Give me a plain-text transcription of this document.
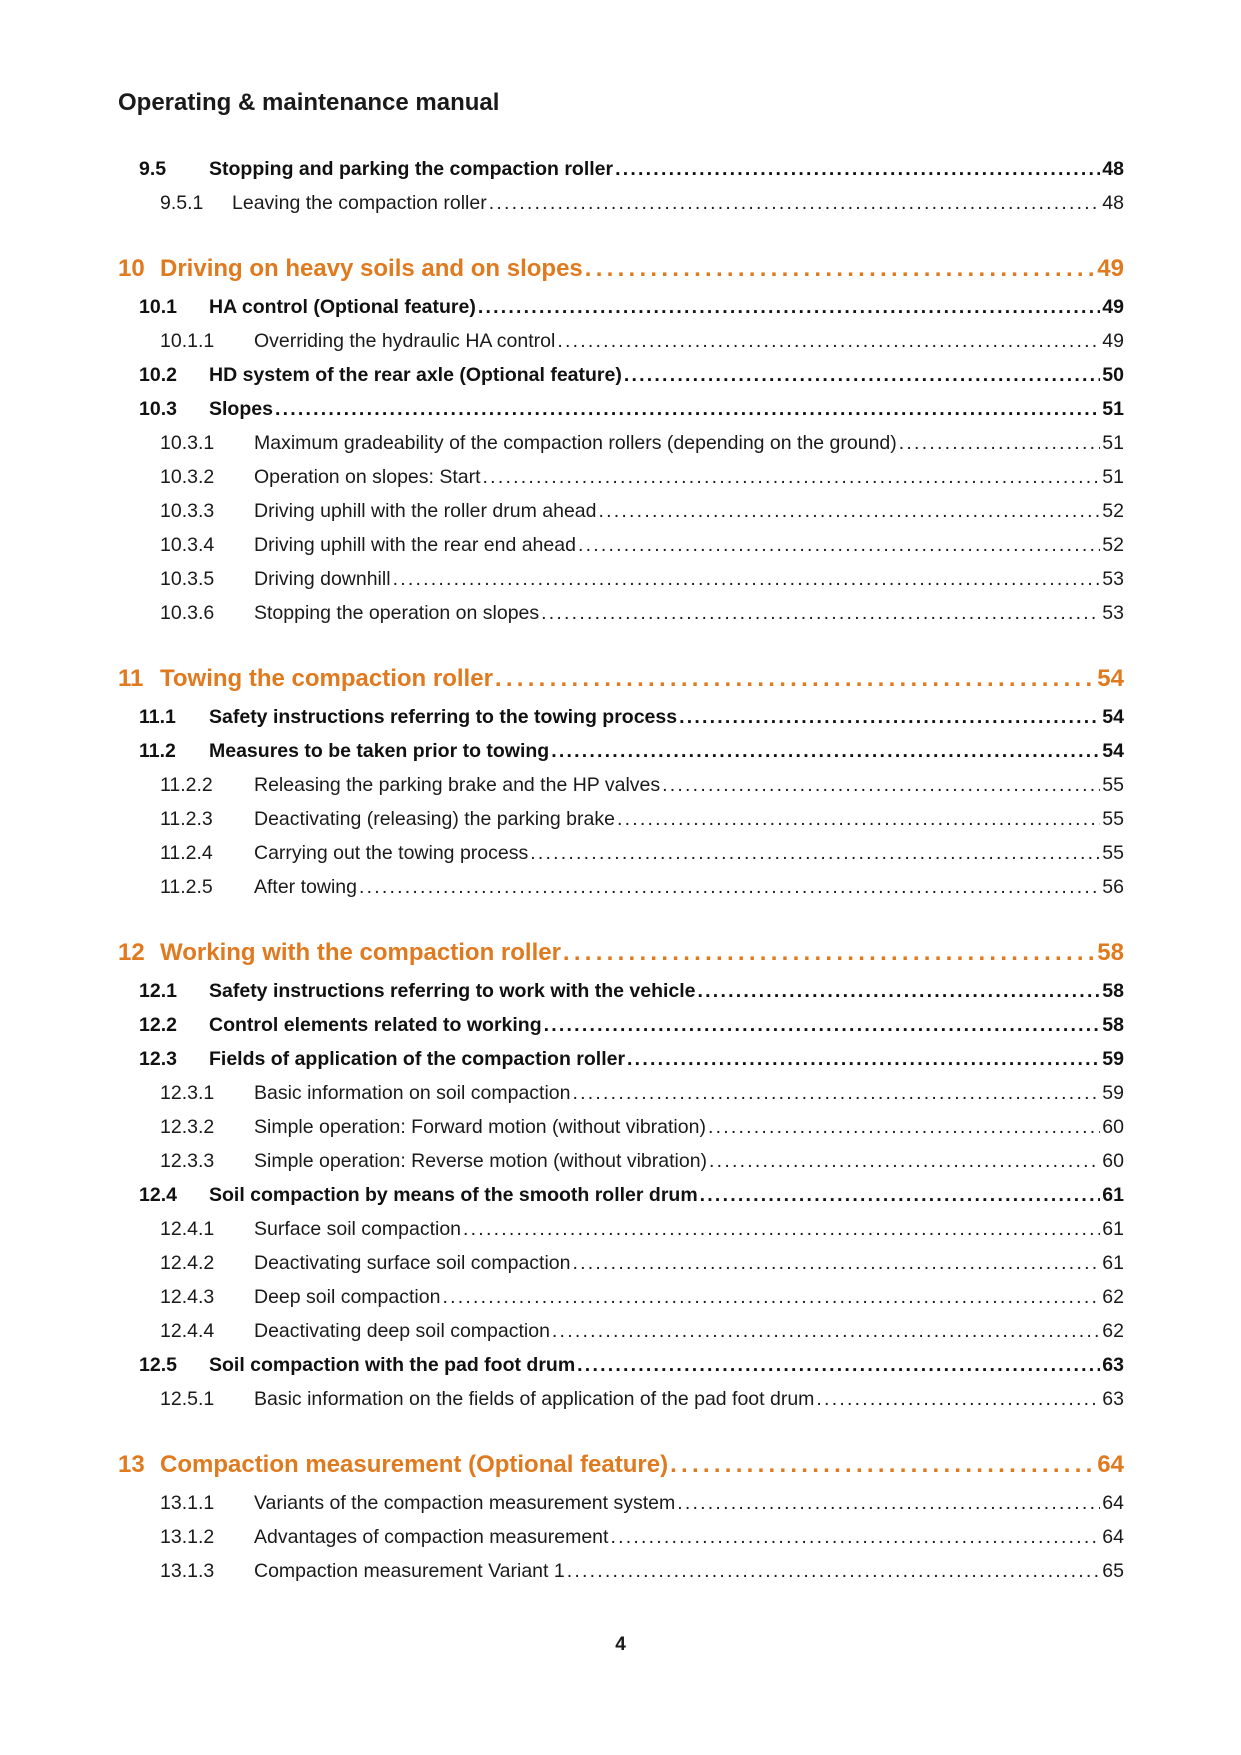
Operating & maintenance manual
9.5	Stopping and parking the compaction roller . . .	48
9.5.1	Leaving the compaction roller . . .	48
10 Driving on heavy soils and on slopes . . .	49
10.1	HA control (Optional feature) . . .	49
10.1.1	Overriding the hydraulic HA control . . .	49
10.2	HD system of the rear axle (Optional feature) . . .	50
10.3	Slopes . . .	51
10.3.1	Maximum gradeability of the compaction rollers (depending on the ground) . . .	51
10.3.2	Operation on slopes: Start . . .	51
10.3.3	Driving uphill with the roller drum ahead . . .	52
10.3.4	Driving uphill with the rear end ahead . . .	52
10.3.5	Driving downhill . . .	53
10.3.6	Stopping the operation on slopes . . .	53
11 Towing the compaction roller . . .	54
11.1	Safety instructions referring to the towing process . . .	54
11.2	Measures to be taken prior to towing . . .	54
11.2.2	Releasing the parking brake and the HP valves . . .	55
11.2.3	Deactivating (releasing) the parking brake . . .	55
11.2.4	Carrying out the towing process . . .	55
11.2.5	After towing . . .	56
12 Working with the compaction roller . . .	58
12.1	Safety instructions referring to work with the vehicle . . .	58
12.2	Control elements related to working . . .	58
12.3	Fields of application of the compaction roller . . .	59
12.3.1	Basic information on soil compaction . . .	59
12.3.2	Simple operation: Forward motion (without vibration) . . .	60
12.3.3	Simple operation: Reverse motion (without vibration) . . .	60
12.4	Soil compaction by means of the smooth roller drum . . .	61
12.4.1	Surface soil compaction . . .	61
12.4.2	Deactivating surface soil compaction . . .	61
12.4.3	Deep soil compaction . . .	62
12.4.4	Deactivating deep soil compaction . . .	62
12.5	Soil compaction with the pad foot drum . . .	63
12.5.1	Basic information on the fields of application of the pad foot drum . . .	63
13 Compaction measurement (Optional feature) . . .	64
13.1.1	Variants of the compaction measurement system . . .	64
13.1.2	Advantages of compaction measurement . . .	64
13.1.3	Compaction measurement Variant 1 . . .	65
4
